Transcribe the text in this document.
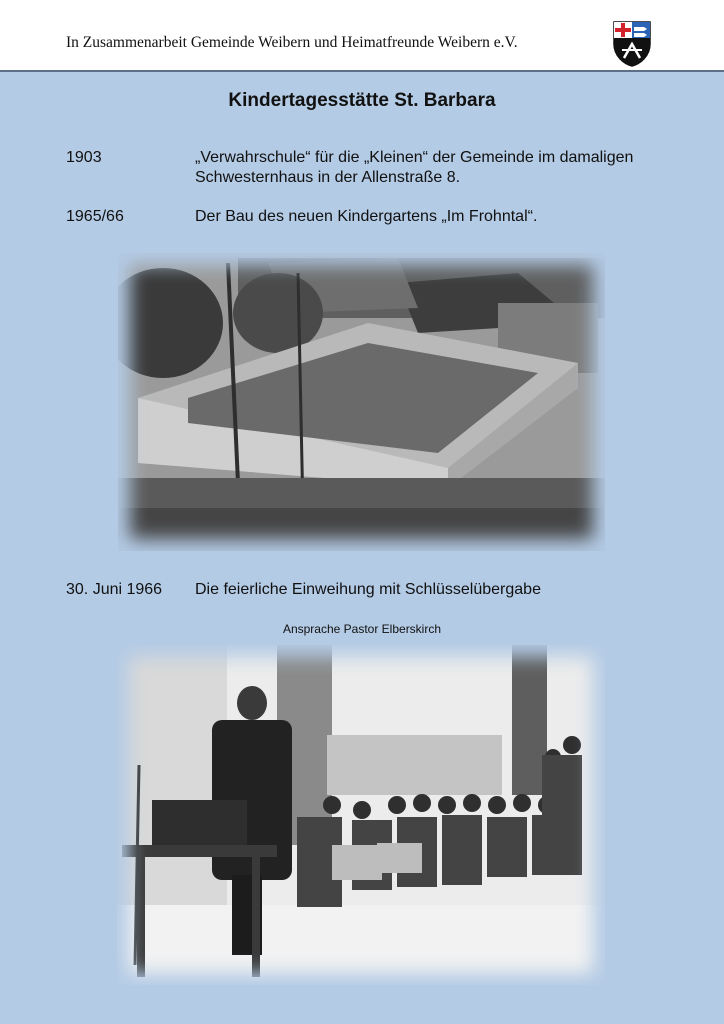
In Zusammenarbeit Gemeinde Weibern und Heimatfreunde Weibern e.V.
Kindertagesstätte St. Barbara
1903	„Verwahrschule“ für die „Kleinen“ der Gemeinde im damaligen Schwesternhaus in der Allenstraße 8.
1965/66	Der Bau des neuen Kindergartens „Im Frohntal“.
30. Juni 1966 Die feierliche Einweihung mit Schlüsselübergabe
Ansprache Pastor Elberskirch
